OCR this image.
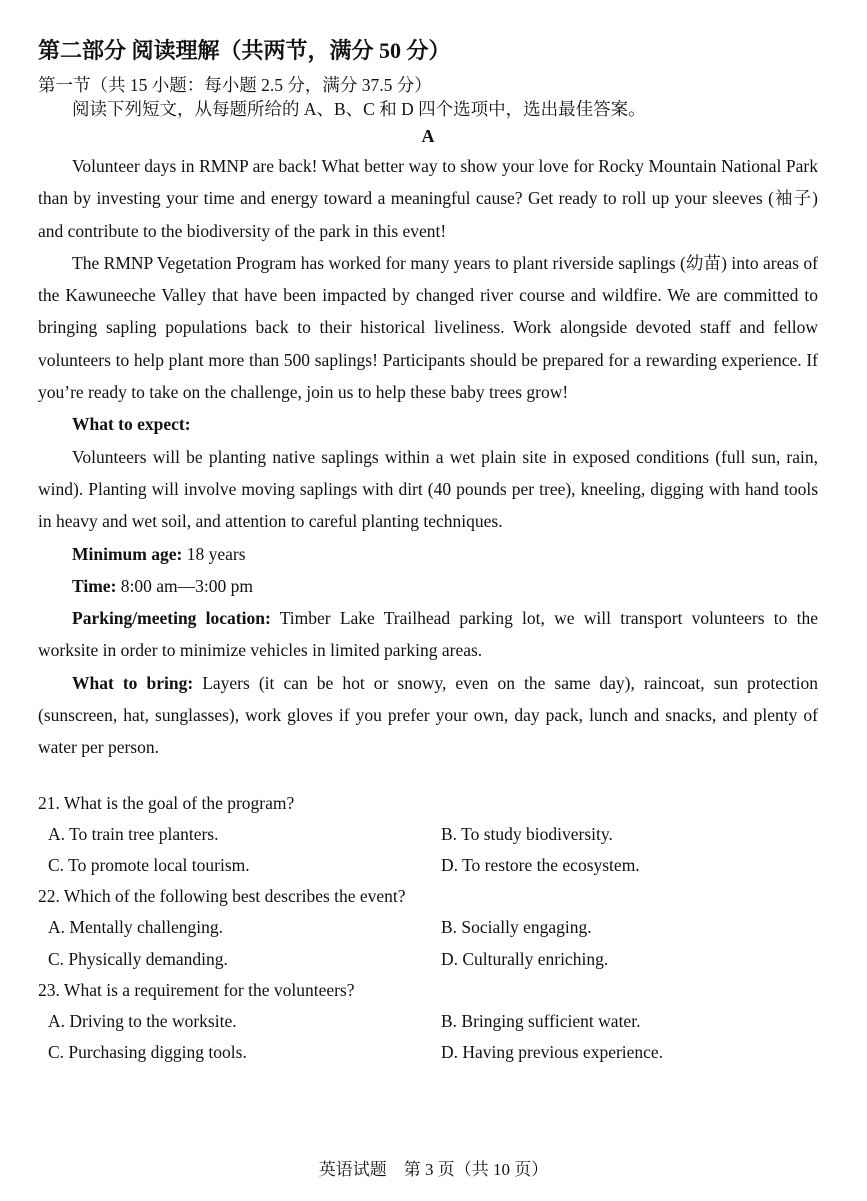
第二部分 阅读理解（共两节，满分 50 分）
第一节（共 15 小题：每小题 2.5 分，满分 37.5 分）
阅读下列短文，从每题所给的 A、B、C 和 D 四个选项中，选出最佳答案。
A

Volunteer days in RMNP are back! What better way to show your love for Rocky Mountain National Park than by investing your time and energy toward a meaningful cause? Get ready to roll up your sleeves (袖子) and contribute to the biodiversity of the park in this event!

The RMNP Vegetation Program has worked for many years to plant riverside saplings (幼苗) into areas of the Kawuneeche Valley that have been impacted by changed river course and wildfire. We are committed to bringing sapling populations back to their historical liveliness. Work alongside devoted staff and fellow volunteers to help plant more than 500 saplings! Participants should be prepared for a rewarding experience. If you’re ready to take on the challenge, join us to help these baby trees grow!

What to expect:

Volunteers will be planting native saplings within a wet plain site in exposed conditions (full sun, rain, wind). Planting will involve moving saplings with dirt (40 pounds per tree), kneeling, digging with hand tools in heavy and wet soil, and attention to careful planting techniques.

Minimum age: 18 years

Time: 8:00 am—3:00 pm

Parking/meeting location: Timber Lake Trailhead parking lot, we will transport volunteers to the worksite in order to minimize vehicles in limited parking areas.

What to bring: Layers (it can be hot or snowy, even on the same day), raincoat, sun protection (sunscreen, hat, sunglasses), work gloves if you prefer your own, day pack, lunch and snacks, and plenty of water per person.

21. What is the goal of the program?
A. To train tree planters.	B. To study biodiversity.
C. To promote local tourism.	D. To restore the ecosystem.
22. Which of the following best describes the event?
A. Mentally challenging.	B. Socially engaging.
C. Physically demanding.	D. Culturally enriching.
23. What is a requirement for the volunteers?
A. Driving to the worksite.	B. Bringing sufficient water.
C. Purchasing digging tools.	D. Having previous experience.
英语试题　第 3 页（共 10 页）
